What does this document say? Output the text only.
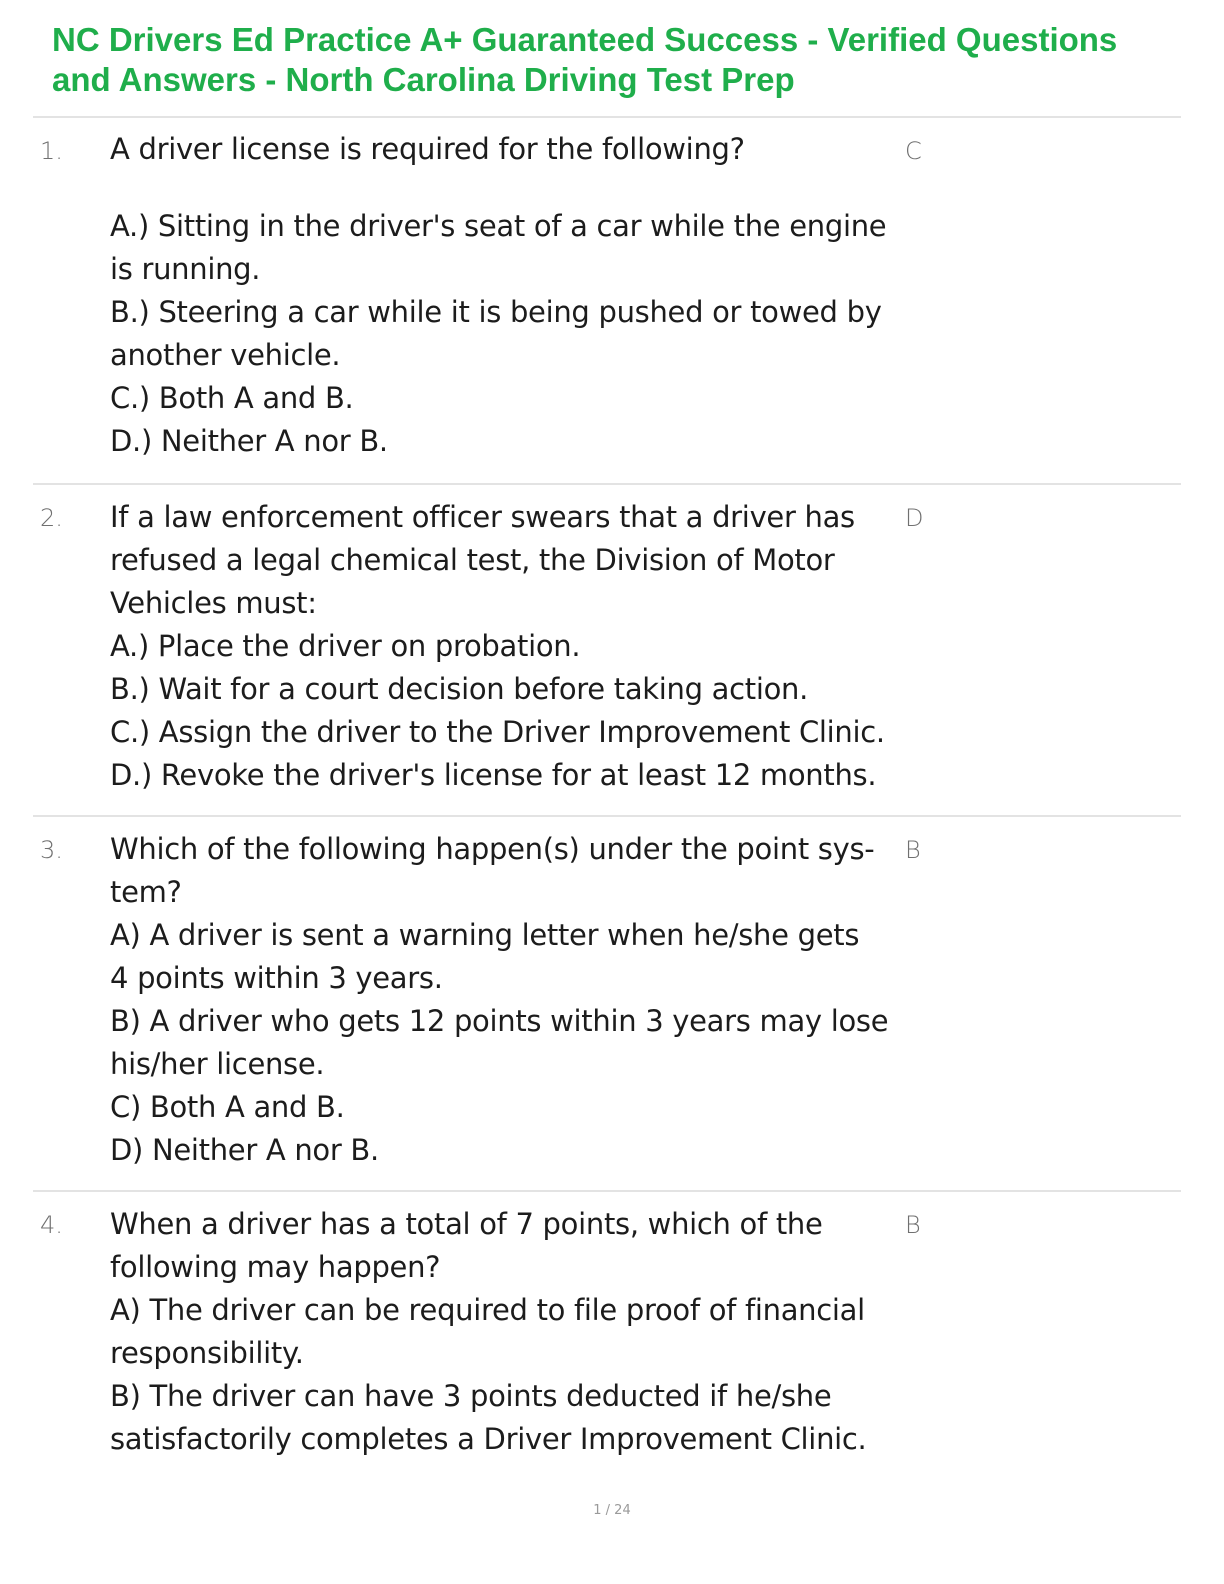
NC Drivers Ed Practice A+ Guaranteed Success - Verified Questions
and Answers - North Carolina Driving Test Prep
1. A driver license is required for the following?
A.) Sitting in the driver's seat of a car while the engine
is running.
B.) Steering a car while it is being pushed or towed by
another vehicle.
C.) Both A and B.
D.) Neither A nor B.
C
2. If a law enforcement officer swears that a driver has
refused a legal chemical test, the Division of Motor
Vehicles must:
A.) Place the driver on probation.
B.) Wait for a court decision before taking action.
C.) Assign the driver to the Driver Improvement Clinic.
D.) Revoke the driver's license for at least 12 months.
D
3. Which of the following happen(s) under the point sys-
tem?
A) A driver is sent a warning letter when he/she gets
4 points within 3 years.
B) A driver who gets 12 points within 3 years may lose
his/her license.
C) Both A and B.
D) Neither A nor B.
B
4. When a driver has a total of 7 points, which of the
following may happen?
A) The driver can be required to file proof of financial
responsibility.
B) The driver can have 3 points deducted if he/she
satisfactorily completes a Driver Improvement Clinic.
B
1 / 24
